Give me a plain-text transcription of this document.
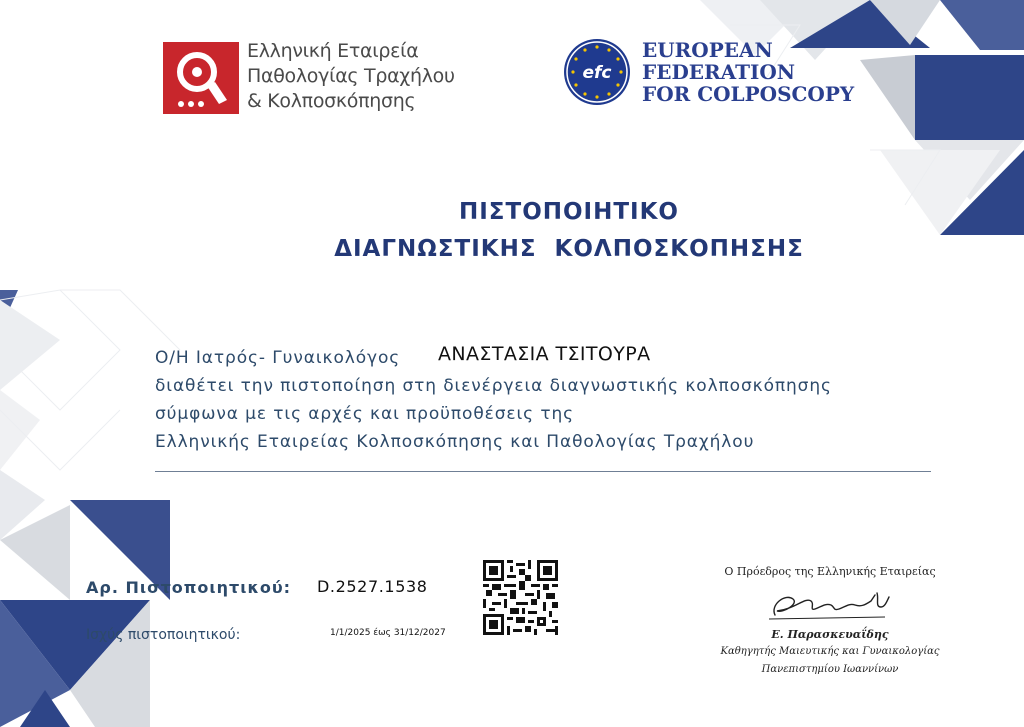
Ελληνική Εταιρεία
Παθολογίας Τραχήλου
& Κολποσκόπησης
efc
EUROPEAN
FEDERATION
FOR COLPOSCOPY
ΠΙΣΤΟΠΟΙΗΤΙΚΟ
ΔΙΑΓΝΩΣΤΙΚΗΣ  ΚΟΛΠΟΣΚΟΠΗΣΗΣ
Ο/Η Ιατρός- Γυναικολόγος ΑΝΑΣΤΑΣΙΑ ΤΣΙΤΟΥΡΑ
διαθέτει την πιστοποίηση στη διενέργεια διαγνωστικής κολποσκόπησης
σύμφωνα με τις αρχές και προϋποθέσεις της
Ελληνικής Εταιρείας Κολποσκόπησης και Παθολογίας Τραχήλου
Αρ. Πιστοποιητικού: D.2527.1538
Ισχύς πιστοποιητικού:	1/1/2025 έως 31/12/2027
Ο Πρόεδρος της Ελληνικής Εταιρείας
Ε. Παρασκευαΐδης
Καθηγητής Μαιευτικής και Γυναικολογίας
Πανεπιστημίου Ιωαννίνων
